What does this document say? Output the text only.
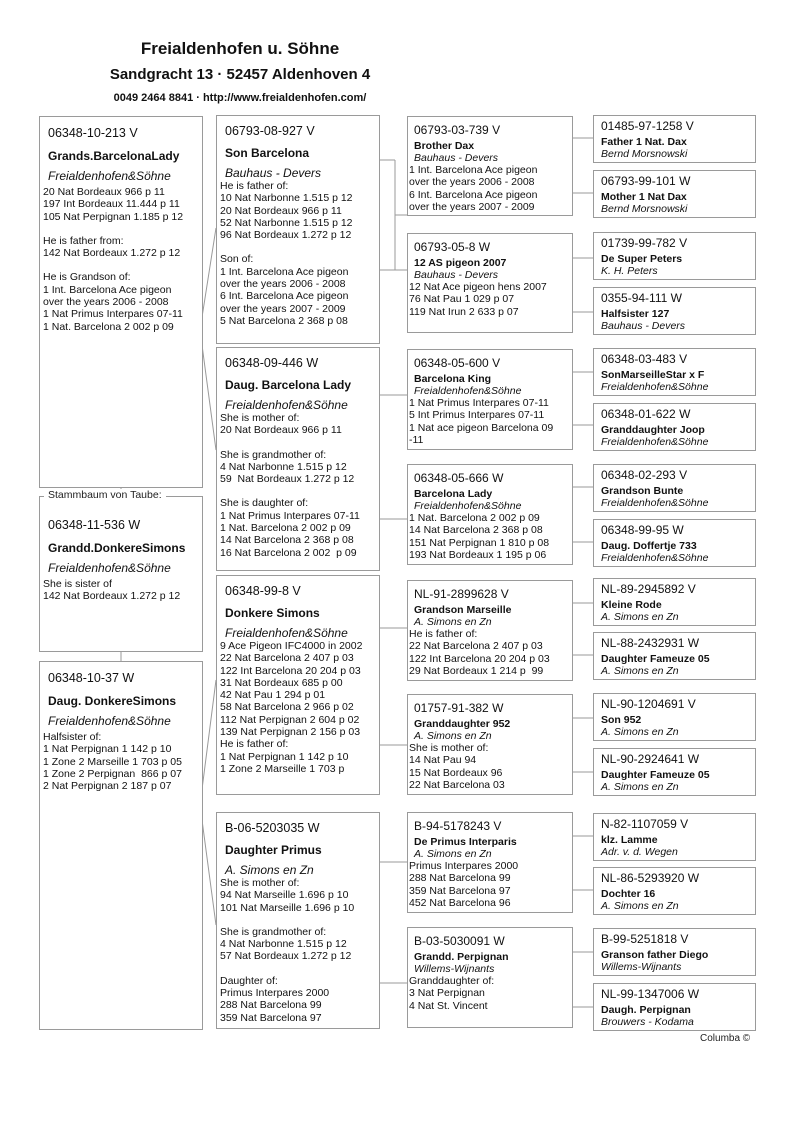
Freialdenhofen u. Söhne
Sandgracht 13 · 52457 Aldenhoven 4
0049 2464 8841 · http://www.freialdenhofen.com/
06348-10-213 V
Grands.BarcelonaLady
Freialdenhofen&Söhne
20 Nat Bordeaux 966 p 11
197 Int Bordeaux 11.444 p 11
105 Nat Perpignan 1.185 p 12
He is father from:
142 Nat Bordeaux 1.272 p 12
He is Grandson of:
1 Int. Barcelona Ace pigeon
over the years 2006 - 2008
1 Nat Primus Interpares 07-11
1 Nat. Barcelona 2 002 p 09
06348-11-536 W
Grandd.DonkereSimons
Freialdenhofen&Söhne
She is sister of
142 Nat Bordeaux 1.272 p 12
Stammbaum von Taube:
06348-10-37 W
Daug. DonkereSimons
Freialdenhofen&Söhne
Halfsister of:
1 Nat Perpignan 1 142 p 10
1 Zone 2 Marseille 1 703 p 05
1 Zone 2 Perpignan  866 p 07
2 Nat Perpignan 2 187 p 07
06793-08-927 V
Son Barcelona
Bauhaus - Devers
He is father of:
10 Nat Narbonne 1.515 p 12
20 Nat Bordeaux 966 p 11
52 Nat Narbonne 1.515 p 12
96 Nat Bordeaux 1.272 p 12
Son of:
1 Int. Barcelona Ace pigeon
over the years 2006 - 2008
6 Int. Barcelona Ace pigeon
over the years 2007 - 2009
5 Nat Barcelona 2 368 p 08
06348-09-446 W
Daug. Barcelona Lady
Freialdenhofen&Söhne
She is mother of:
20 Nat Bordeaux 966 p 11
She is grandmother of:
4 Nat Narbonne 1.515 p 12
59  Nat Bordeaux 1.272 p 12
She is daughter of:
1 Nat Primus Interpares 07-11
1 Nat. Barcelona 2 002 p 09
14 Nat Barcelona 2 368 p 08
16 Nat Barcelona 2 002  p 09
06348-99-8 V
Donkere Simons
Freialdenhofen&Söhne
9 Ace Pigeon IFC4000 in 2002
22 Nat Barcelona 2 407 p 03
122 Int Barcelona 20 204 p 03
31 Nat Bordeaux 685 p 00
42 Nat Pau 1 294 p 01
58 Nat Barcelona 2 966 p 02
112 Nat Perpignan 2 604 p 02
139 Nat Perpignan 2 156 p 03
He is father of:
1 Nat Perpignan 1 142 p 10
1 Zone 2 Marseille 1 703 p
B-06-5203035 W
Daughter Primus
A. Simons en Zn
She is mother of:
94 Nat Marseille 1.696 p 10
101 Nat Marseille 1.696 p 10
She is grandmother of:
4 Nat Narbonne 1.515 p 12
57 Nat Bordeaux 1.272 p 12
Daughter of:
Primus Interpares 2000
288 Nat Barcelona 99
359 Nat Barcelona 97
06793-03-739 V
Brother Dax
Bauhaus - Devers
1 Int. Barcelona Ace pigeon
over the years 2006 - 2008
6 Int. Barcelona Ace pigeon
over the years 2007 - 2009
06793-05-8 W
12 AS pigeon 2007
Bauhaus - Devers
12 Nat Ace pigeon hens 2007
76 Nat Pau 1 029 p 07
119 Nat Irun 2 633 p 07
06348-05-600 V
Barcelona King
Freialdenhofen&Söhne
1 Nat Primus Interpares 07-11
5 Int Primus Interpares 07-11
1 Nat ace pigeon Barcelona 09
-11
06348-05-666 W
Barcelona Lady
Freialdenhofen&Söhne
1 Nat. Barcelona 2 002 p 09
14 Nat Barcelona 2 368 p 08
151 Nat Perpignan 1 810 p 08
193 Nat Bordeaux 1 195 p 06
NL-91-2899628 V
Grandson Marseille
A. Simons en Zn
He is father of:
22 Nat Barcelona 2 407 p 03
122 Int Barcelona 20 204 p 03
29 Nat Bordeaux 1 214 p  99
01757-91-382 W
Granddaughter 952
A. Simons en Zn
She is mother of:
14 Nat Pau 94
15 Nat Bordeaux 96
22 Nat Barcelona 03
B-94-5178243 V
De Primus Interparis
A. Simons en Zn
Primus Interpares 2000
288 Nat Barcelona 99
359 Nat Barcelona 97
452 Nat Barcelona 96
B-03-5030091 W
Grandd. Perpignan
Willems-Wijnants
Granddaughter of:
3 Nat Perpignan
4 Nat St. Vincent
01485-97-1258 V
Father 1 Nat. Dax
Bernd Morsnowski
06793-99-101 W
Mother 1 Nat Dax
Bernd Morsnowski
01739-99-782 V
De Super Peters
K. H. Peters
0355-94-111 W
Halfsister 127
Bauhaus - Devers
06348-03-483 V
SonMarseilleStar x F
Freialdenhofen&Söhne
06348-01-622 W
Granddaughter Joop
Freialdenhofen&Söhne
06348-02-293 V
Grandson Bunte
Freialdenhofen&Söhne
06348-99-95 W
Daug. Doffertje 733
Freialdenhofen&Söhne
NL-89-2945892 V
Kleine Rode
A. Simons en Zn
NL-88-2432931 W
Daughter Fameuze 05
A. Simons en Zn
NL-90-1204691 V
Son 952
A. Simons en Zn
NL-90-2924641 W
Daughter Fameuze 05
A. Simons en Zn
N-82-1107059 V
klz. Lamme
Adr. v. d. Wegen
NL-86-5293920 W
Dochter 16
A. Simons en Zn
B-99-5251818 V
Granson father Diego
Willems-Wijnants
NL-99-1347006 W
Daugh. Perpignan
Brouwers - Kodama
Columba ©
